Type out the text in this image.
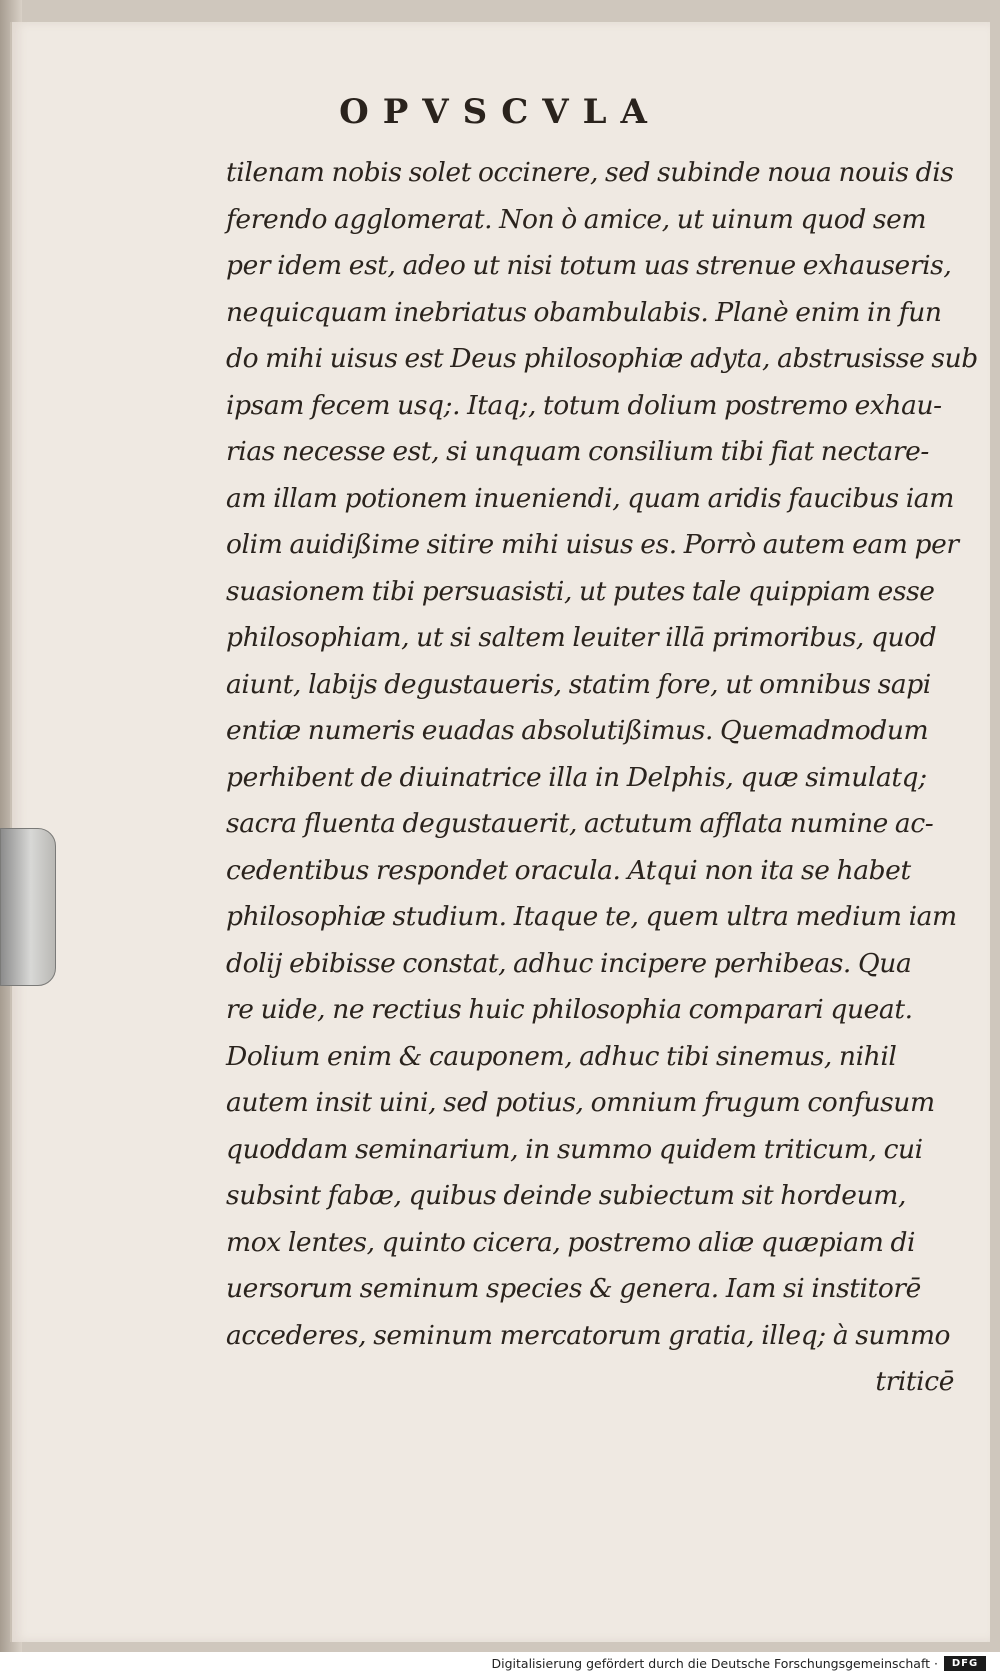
OPVSCVLA
tilenam nobis solet occinere, sed subinde noua nouis dis
ferendo agglomerat. Non ò amice, ut uinum quod sem
per idem est, adeo ut nisi totum uas strenue exhauseris,
nequicquam inebriatus obambulabis. Planè enim in fun
do mihi uisus est Deus philosophiæ adyta, abstrusisse sub
ipsam fecem usq;. Itaq;, totum dolium postremo exhau-
rias necesse est, si unquam consilium tibi fiat nectare-
am illam potionem inueniendi, quam aridis faucibus iam
olim auidißime sitire mihi uisus es. Porrò autem eam per
suasionem tibi persuasisti, ut putes tale quippiam esse
philosophiam, ut si saltem leuiter illā primoribus, quod
aiunt, labijs degustaueris, statim fore, ut omnibus sapi
entiæ numeris euadas absolutißimus. Quemadmodum
perhibent de diuinatrice illa in Delphis, quæ simulatq;
sacra fluenta degustauerit, actutum afflata numine ac-
cedentibus respondet oracula. Atqui non ita se habet
philosophiæ studium. Itaque te, quem ultra medium iam
dolij ebibisse constat, adhuc incipere perhibeas. Qua
re uide, ne rectius huic philosophia comparari queat.
Dolium enim & cauponem, adhuc tibi sinemus, nihil
autem insit uini, sed potius, omnium frugum confusum
quoddam seminarium, in summo quidem triticum, cui
subsint fabæ, quibus deinde subiectum sit hordeum,
mox lentes, quinto cicera, postremo aliæ quæpiam di
uersorum seminum species & genera. Iam si institorē
accederes, seminum mercatorum gratia, illeq; à summo
triticē
Digitalisierung gefördert durch die Deutsche Forschungsgemeinschaft ·	DFG
